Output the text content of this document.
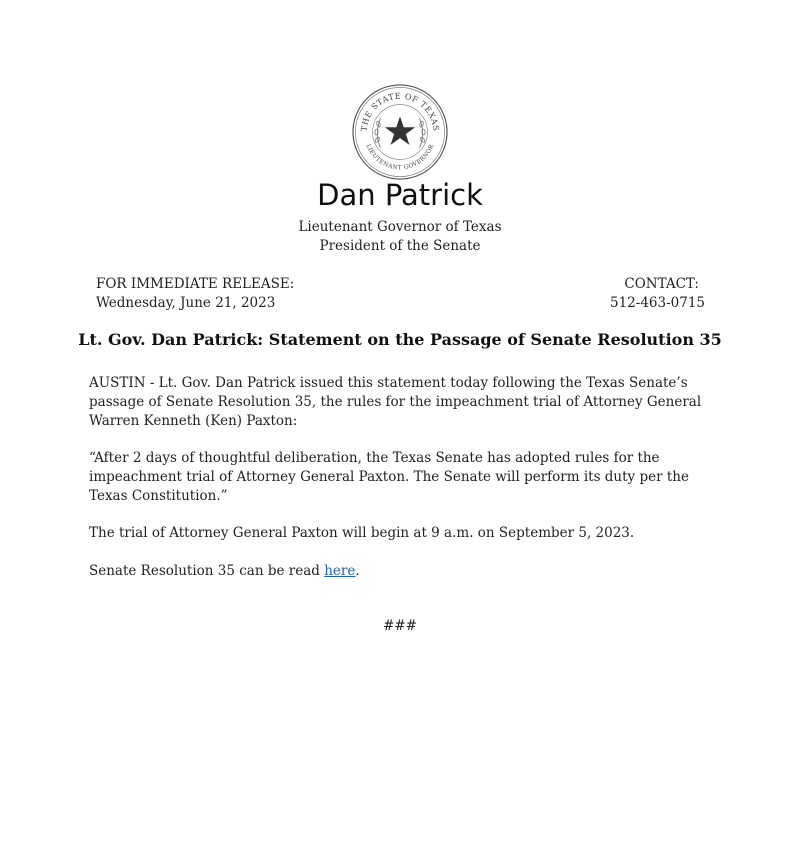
THE STATE OF TEXAS
LIEUTENANT GOVERNOR
Dan Patrick
Lieutenant Governor of Texas
President of the Senate
FOR IMMEDIATE RELEASE:
Wednesday, June 21, 2023
CONTACT:
512-463-0715
Lt. Gov. Dan Patrick: Statement on the Passage of Senate Resolution 35
AUSTIN - Lt. Gov. Dan Patrick issued this statement today following the Texas Senate’s passage of Senate Resolution 35, the rules for the impeachment trial of Attorney General Warren Kenneth (Ken) Paxton:
“After 2 days of thoughtful deliberation, the Texas Senate has adopted rules for the impeachment trial of Attorney General Paxton. The Senate will perform its duty per the Texas Constitution.”
The trial of Attorney General Paxton will begin at 9 a.m. on September 5, 2023.
Senate Resolution 35 can be read here.
###
